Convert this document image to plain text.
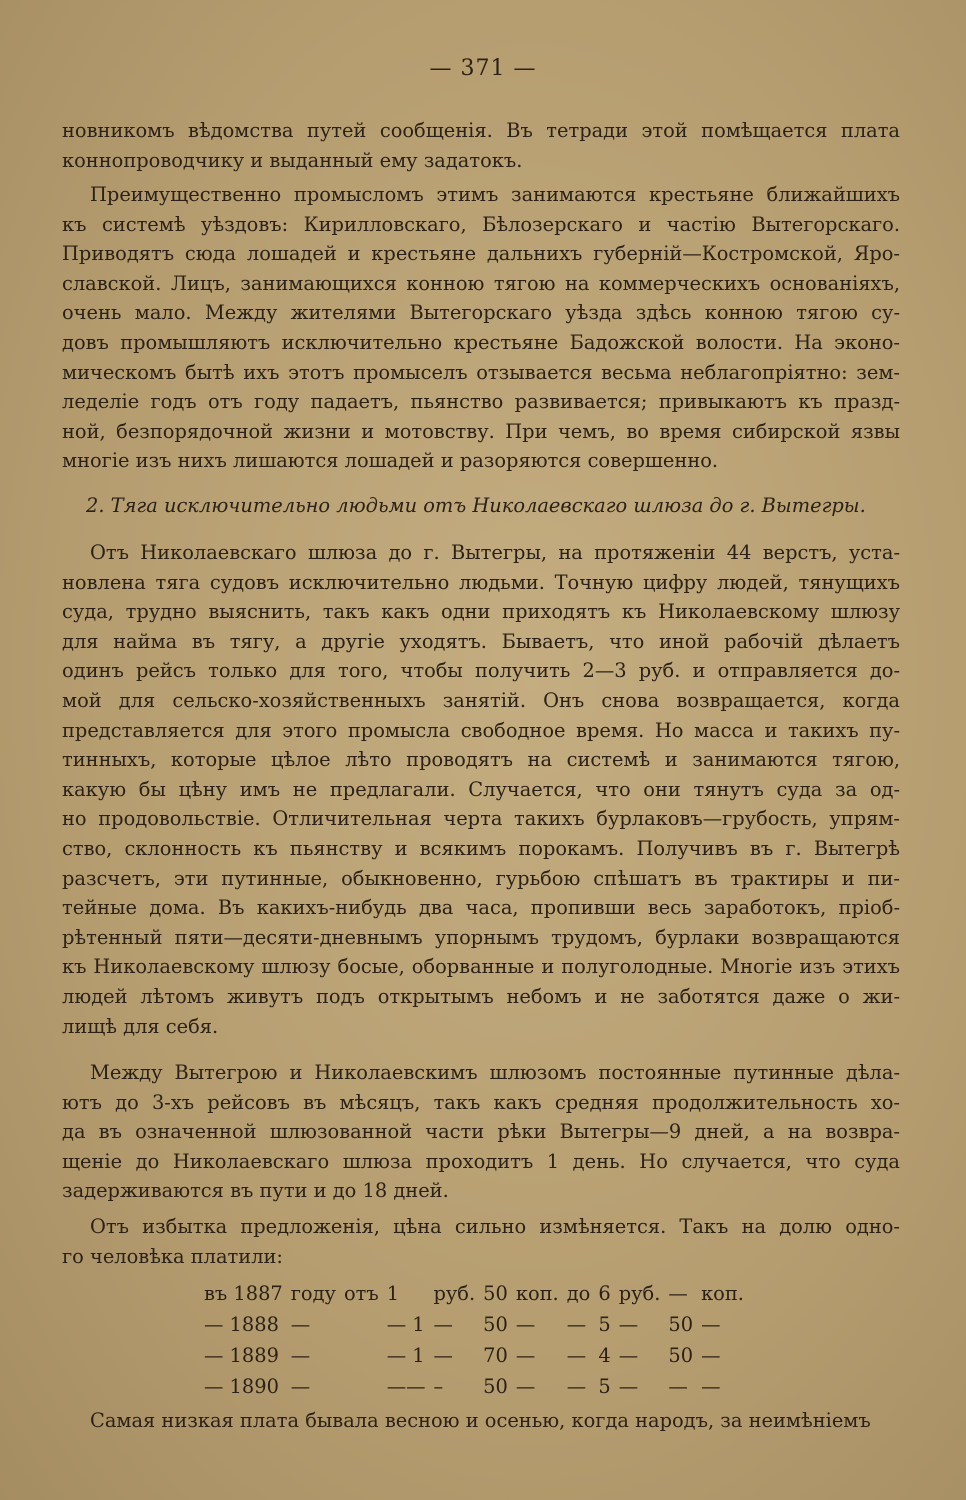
— 371 —
новникомъ вѣдомства путей сообщенія. Въ тетради этой помѣщается плата
коннопроводчику и выданный ему задатокъ.
Преимущественно промысломъ этимъ занимаются крестьяне ближайшихъ
къ системѣ уѣздовъ: Кирилловскаго, Бѣлозерскаго и частію Вытегорскаго.
Приводятъ сюда лошадей и крестьяне дальнихъ губерній—Костромской, Яро-
славской. Лицъ, занимающихся конною тягою на коммерческихъ основаніяхъ,
очень мало. Между жителями Вытегорскаго уѣзда здѣсь конною тягою су-
довъ промышляютъ исключительно крестьяне Бадожской волости. На эконо-
мическомъ бытѣ ихъ этотъ промыселъ отзывается весьма неблагопріятно: зем-
леделіе годъ отъ году падаетъ, пьянство развивается; привыкаютъ къ празд-
ной, безпорядочной жизни и мотовству. При чемъ, во время сибирской язвы
многіе изъ нихъ лишаются лошадей и разоряются совершенно.
2. Тяга исключительно людьми отъ Николаевскаго шлюза до г. Вытегры.
Отъ Николаевскаго шлюза до г. Вытегры, на протяженіи 44 верстъ, уста-
новлена тяга судовъ исключительно людьми. Точную цифру людей, тянущихъ
суда, трудно выяснить, такъ какъ одни приходятъ къ Николаевскому шлюзу
для найма въ тягу, а другіе уходятъ. Бываетъ, что иной рабочій дѣлаетъ
одинъ рейсъ только для того, чтобы получить 2—3 руб. и отправляется до-
мой для сельско-хозяйственныхъ занятій. Онъ снова возвращается, когда
представляется для этого промысла свободное время. Но масса и такихъ пу-
тинныхъ, которые цѣлое лѣто проводятъ на системѣ и занимаются тягою,
какую бы цѣну имъ не предлагали. Случается, что они тянутъ суда за од-
но продовольствіе. Отличительная черта такихъ бурлаковъ—грубость, упрям-
ство, склонность къ пьянству и всякимъ порокамъ. Получивъ въ г. Вытегрѣ
разсчетъ, эти путинные, обыкновенно, гурьбою спѣшатъ въ трактиры и пи-
тейные дома. Въ какихъ-нибудь два часа, пропивши весь заработокъ, пріоб-
рѣтенный пяти—десяти-дневнымъ упорнымъ трудомъ, бурлаки возвращаются
къ Николаевскому шлюзу босые, оборванные и полуголодные. Многіе изъ этихъ
людей лѣтомъ живутъ подъ открытымъ небомъ и не заботятся даже о жи-
лищѣ для себя.
Между Вытегрою и Николаевскимъ шлюзомъ постоянные путинные дѣла-
ютъ до 3-хъ рейсовъ въ мѣсяцъ, такъ какъ средняя продолжительность хо-
да въ означенной шлюзованной части рѣки Вытегры—9 дней, а на возвра-
щеніе до Николаевскаго шлюза проходитъ 1 день. Но случается, что суда
задерживаются въ пути и до 18 дней.
Отъ избытка предложенія, цѣна сильно измѣняется. Такъ на долю одно-
го человѣка платили:
въ 1887	году	отъ	1	руб.	50	коп.	до	6	руб.	—	коп.
— 1888	—		— 1	—	50	—	—	5	—	50	—
— 1889	—		— 1	—	70	—	—	4	—	50	—
— 1890	—		——	–	50	—	—	5	—	—	—
Самая низкая плата бывала весною и осенью, когда народъ, за неимѣніемъ
